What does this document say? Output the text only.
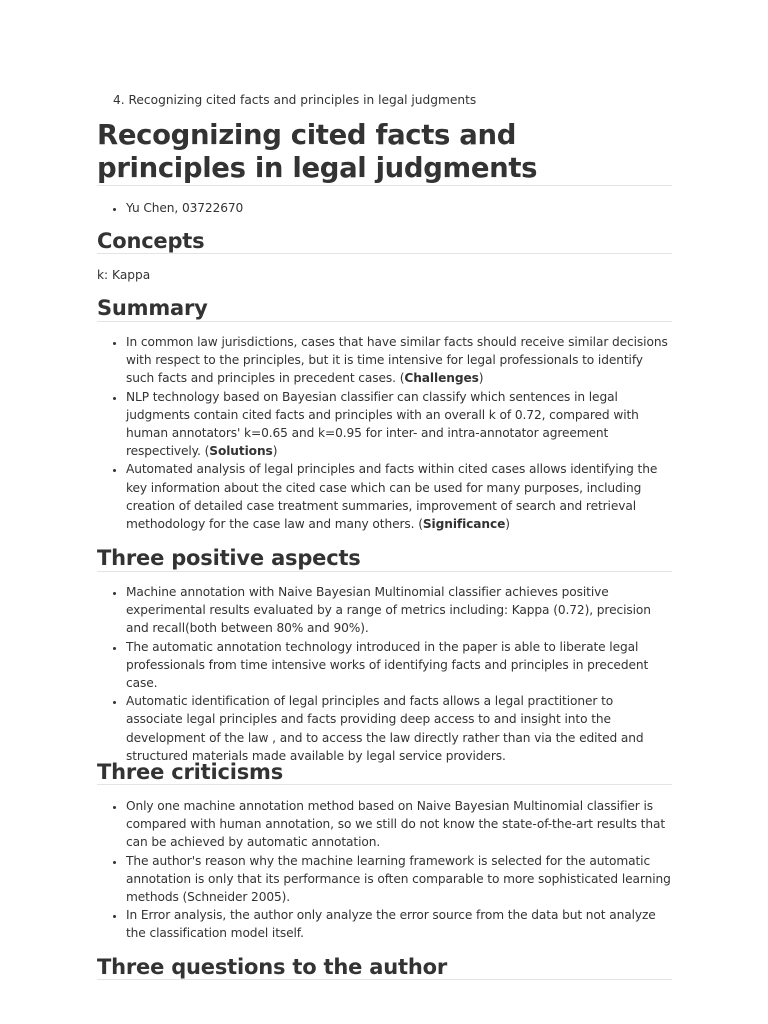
4. Recognizing cited facts and principles in legal judgments
Recognizing cited facts and principles in legal judgments
• Yu Chen, 03722670
Concepts

k: Kappa

Summary
• In common law jurisdictions, cases that have similar facts should receive similar decisions with respect to the principles, but it is time intensive for legal professionals to identify such facts and principles in precedent cases. (Challenges)
• NLP technology based on Bayesian classifier can classify which sentences in legal judgments contain cited facts and principles with an overall k of 0.72, compared with human annotators' k=0.65 and k=0.95 for inter- and intra-annotator agreement respectively. (Solutions)
• Automated analysis of legal principles and facts within cited cases allows identifying the key information about the cited case which can be used for many purposes, including creation of detailed case treatment summaries, improvement of search and retrieval methodology for the case law and many others. (Significance)
Three positive aspects
• Machine annotation with Naive Bayesian Multinomial classifier achieves positive experimental results evaluated by a range of metrics including: Kappa (0.72), precision and recall(both between 80% and 90%).
• The automatic annotation technology introduced in the paper is able to liberate legal professionals from time intensive works of identifying facts and principles in precedent case.
• Automatic identification of legal principles and facts allows a legal practitioner to associate legal principles and facts providing deep access to and insight into the development of the law , and to access the law directly rather than via the edited and structured materials made available by legal service providers.
Three criticisms
• Only one machine annotation method based on Naive Bayesian Multinomial classifier is compared with human annotation, so we still do not know the state-of-the-art results that can be achieved by automatic annotation.
• The author's reason why the machine learning framework is selected for the automatic annotation is only that its performance is often comparable to more sophisticated learning methods (Schneider 2005).
• In Error analysis, the author only analyze the error source from the data but not analyze the classification model itself.
Three questions to the author
